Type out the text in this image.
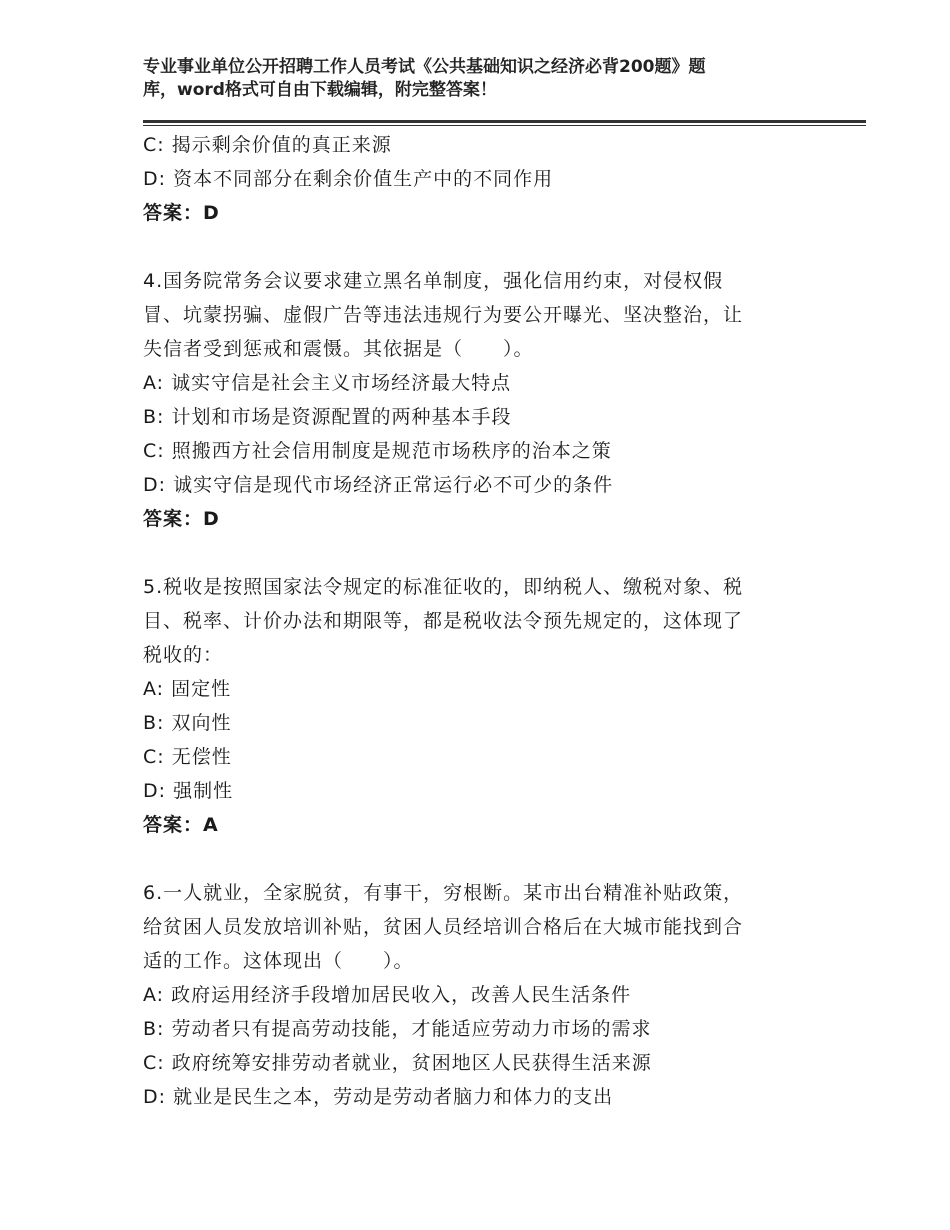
专业事业单位公开招聘工作人员考试《公共基础知识之经济必背200题》题
库，word格式可自由下载编辑，附完整答案！
C: 揭示剩余价值的真正来源
D: 资本不同部分在剩余价值生产中的不同作用
答案：D
4.国务院常务会议要求建立黑名单制度，强化信用约束，对侵权假
冒、坑蒙拐骗、虚假广告等违法违规行为要公开曝光、坚决整治，让
失信者受到惩戒和震慑。其依据是（　　）。
A: 诚实守信是社会主义市场经济最大特点
B: 计划和市场是资源配置的两种基本手段
C: 照搬西方社会信用制度是规范市场秩序的治本之策
D: 诚实守信是现代市场经济正常运行必不可少的条件
答案：D
5.税收是按照国家法令规定的标准征收的，即纳税人、缴税对象、税
目、税率、计价办法和期限等，都是税收法令预先规定的，这体现了
税收的：
A: 固定性
B: 双向性
C: 无偿性
D: 强制性
答案：A
6.一人就业，全家脱贫，有事干，穷根断。某市出台精准补贴政策，
给贫困人员发放培训补贴，贫困人员经培训合格后在大城市能找到合
适的工作。这体现出（　　）。
A: 政府运用经济手段增加居民收入，改善人民生活条件
B: 劳动者只有提高劳动技能，才能适应劳动力市场的需求
C: 政府统筹安排劳动者就业，贫困地区人民获得生活来源
D: 就业是民生之本，劳动是劳动者脑力和体力的支出
